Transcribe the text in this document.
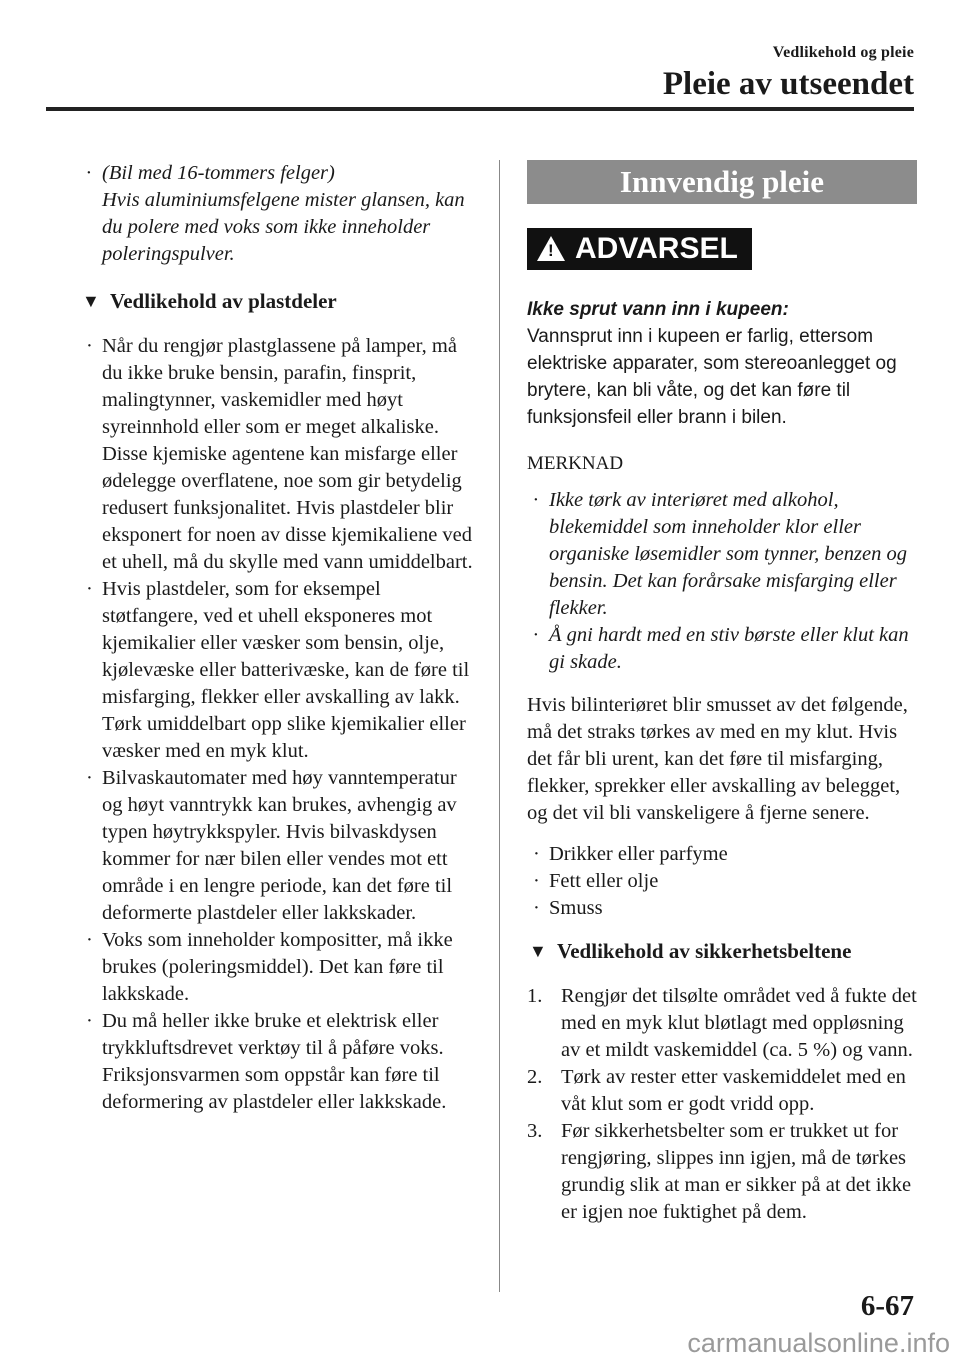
Vedlikehold og pleie
Pleie av utseendet
· (Bil med 16-tommers felger)
Hvis aluminiumsfelgene mister glansen, kan du polere med voks som ikke inneholder poleringspulver.
▼ Vedlikehold av plastdeler
· Når du rengjør plastglassene på lamper, må du ikke bruke bensin, parafin, finsprit, malingtynner, vaskemidler med høyt syreinnhold eller som er meget alkaliske. Disse kjemiske agentene kan misfarge eller ødelegge overflatene, noe som gir betydelig redusert funksjonalitet. Hvis plastdeler blir eksponert for noen av disse kjemikaliene ved et uhell, må du skylle med vann umiddelbart.
· Hvis plastdeler, som for eksempel støtfangere, ved et uhell eksponeres mot kjemikalier eller væsker som bensin, olje, kjølevæske eller batterivæske, kan de føre til misfarging, flekker eller avskalling av lakk. Tørk umiddelbart opp slike kjemikalier eller væsker med en myk klut.
· Bilvaskautomater med høy vanntemperatur og høyt vanntrykk kan brukes, avhengig av typen høytrykkspyler. Hvis bilvaskdysen kommer for nær bilen eller vendes mot ett område i en lengre periode, kan det føre til deformerte plastdeler eller lakkskader.
· Voks som inneholder kompositter, må ikke brukes (poleringsmiddel). Det kan føre til lakkskade.
· Du må heller ikke bruke et elektrisk eller trykkluftsdrevet verktøy til å påføre voks. Friksjonsvarmen som oppstår kan føre til deformering av plastdeler eller lakkskade.
Innvendig pleie
! ADVARSEL
Ikke sprut vann inn i kupeen:
Vannsprut inn i kupeen er farlig, ettersom elektriske apparater, som stereoanlegget og brytere, kan bli våte, og det kan føre til funksjonsfeil eller brann i bilen.
MERKNAD
· Ikke tørk av interiøret med alkohol, blekemiddel som inneholder klor eller organiske løsemidler som tynner, benzen og bensin. Det kan forårsake misfarging eller flekker.
· Å gni hardt med en stiv børste eller klut kan gi skade.
Hvis bilinteriøret blir smusset av det følgende, må det straks tørkes av med en my klut. Hvis det får bli urent, kan det føre til misfarging, flekker, sprekker eller avskalling av belegget, og det vil bli vanskeligere å fjerne senere.
· Drikker eller parfyme
· Fett eller olje
· Smuss
▼ Vedlikehold av sikkerhetsbeltene
1. Rengjør det tilsølte området ved å fukte det med en myk klut bløtlagt med oppløsning av et mildt vaskemiddel (ca. 5 %) og vann.
2. Tørk av rester etter vaskemiddelet med en våt klut som er godt vridd opp.
3. Før sikkerhetsbelter som er trukket ut for rengjøring, slippes inn igjen, må de tørkes grundig slik at man er sikker på at det ikke er igjen noe fuktighet på dem.
6-67
carmanualsonline.info
